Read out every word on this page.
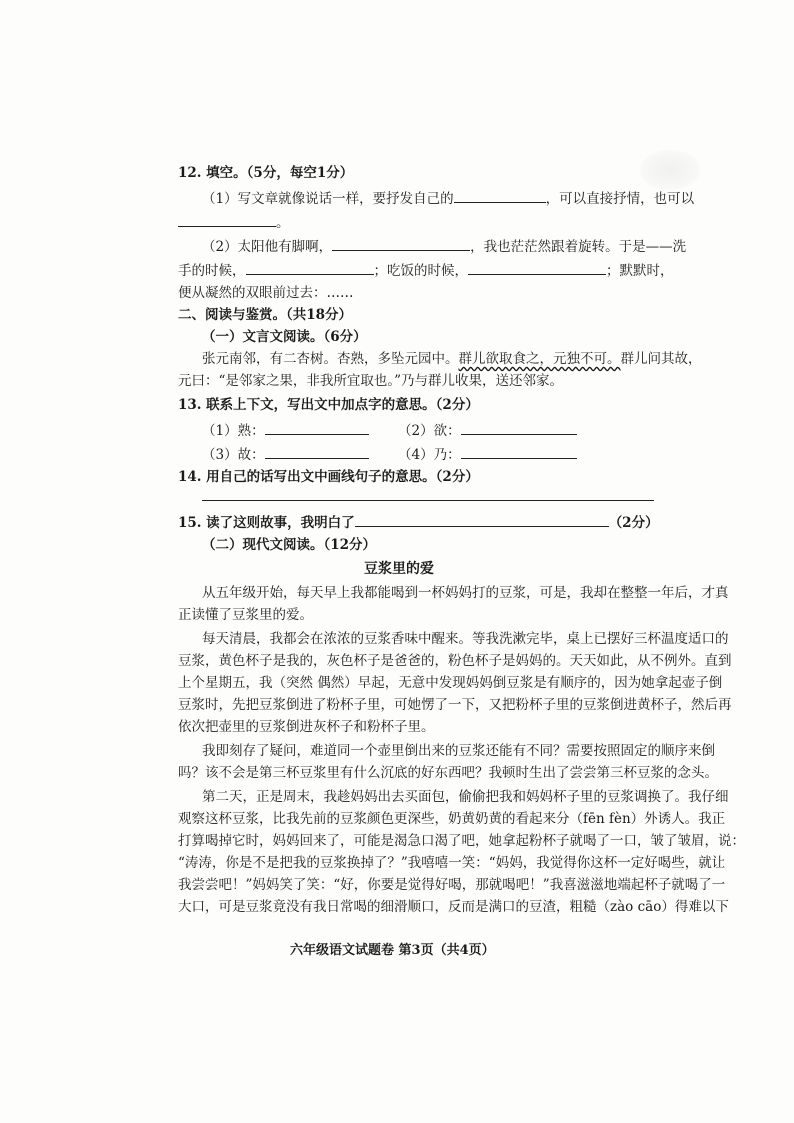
12. 填空。（5分，每空1分）
（1）写文章就像说话一样，要抒发自己的	，可以直接抒情，也可以
。
（2）太阳他有脚啊，	，我也茫茫然跟着旋转。于是——洗
手的时候，	；吃饭的时候，	；默默时，
便从凝然的双眼前过去：……
二、阅读与鉴赏。（共18分）
（一）文言文阅读。（6分）
张元南邻，有二杏树。杏熟，多坠元园中。群儿欲取食之，元独不可。群儿问其故，
元曰：“是邻家之果，非我所宜取也。”乃与群儿收果，送还邻家。
13. 联系上下文，写出文中加点字的意思。（2分）
（1）熟：	（2）欲：
（3）故：	（4）乃：
14. 用自己的话写出文中画线句子的意思。（2分）
15. 读了这则故事，我明白了	（2分）
（二）现代文阅读。（12分）
豆浆里的爱
从五年级开始，每天早上我都能喝到一杯妈妈打的豆浆，可是，我却在整整一年后，才真
正读懂了豆浆里的爱。
每天清晨，我都会在浓浓的豆浆香味中醒来。等我洗漱完毕，桌上已摆好三杯温度适口的
豆浆，黄色杯子是我的，灰色杯子是爸爸的，粉色杯子是妈妈的。天天如此，从不例外。直到
上个星期五，我（突然 偶然）早起，无意中发现妈妈倒豆浆是有顺序的，因为她拿起壶子倒
豆浆时，先把豆浆倒进了粉杯子里，可她愣了一下，又把粉杯子里的豆浆倒进黄杯子，然后再
依次把壶里的豆浆倒进灰杯子和粉杯子里。
我即刻存了疑问，难道同一个壶里倒出来的豆浆还能有不同？需要按照固定的顺序来倒
吗？该不会是第三杯豆浆里有什么沉底的好东西吧？我顿时生出了尝尝第三杯豆浆的念头。
第二天，正是周末，我趁妈妈出去买面包，偷偷把我和妈妈杯子里的豆浆调换了。我仔细
观察这杯豆浆，比我先前的豆浆颜色更深些，奶黄奶黄的看起来分（fēn fèn）外诱人。我正
打算喝掉它时，妈妈回来了，可能是渴急口渴了吧，她拿起粉杯子就喝了一口，皱了皱眉，说：
“涛涛，你是不是把我的豆浆换掉了？”我嘻嘻一笑：“妈妈，我觉得你这杯一定好喝些，就让
我尝尝吧！”妈妈笑了笑：“好，你要是觉得好喝，那就喝吧！”我喜滋滋地端起杯子就喝了一
大口，可是豆浆竟没有我日常喝的细滑顺口，反而是满口的豆渣，粗糙（zào cāo）得难以下
六年级语文试题卷 第3页（共4页）
